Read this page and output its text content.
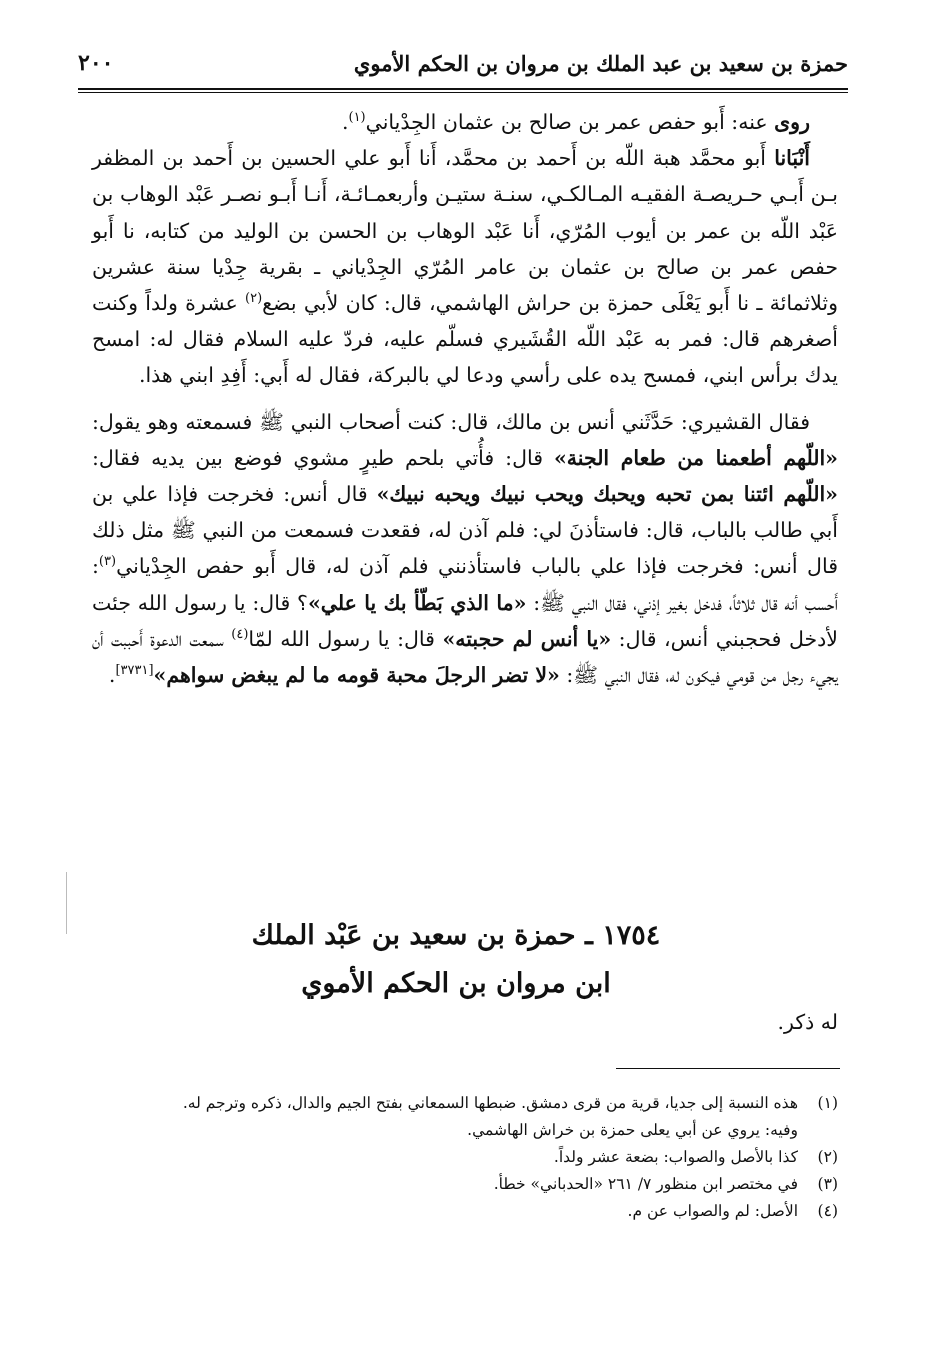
حمزة بن سعيد بن عبد الملك بن مروان بن الحكم الأموي
٢٠٠

روى عنه: أَبو حفص عمر بن صالح بن عثمان الجِدْياني$^{(١)}$.

أَنْبَانا أَبو محمَّد هبة اللّه بن أَحمد بن محمَّد، أَنا أَبو علي الحسين بن أَحمد بن المظفر بـن أَبـي حـريصـة الفقيـه المـالكـي، سنـة ستيـن وأربعمـائـة، أَنـا أَبـو نصـر عَبْد الوهاب بن عَبْد اللّه بن عمر بن أيوب المُرّي، أَنا عَبْد الوهاب بن الحسن بن الوليد من كتابه، نا أَبو حفص عمر بن صالح بن عثمان بن عامر المُرّي الجِدْياني ـ بقرية جِدْيا سنة عشرين وثلاثمائة ـ نا أَبو يَعْلَى حمزة بن حراش الهاشمي، قال: كان لأبي بضع$^{(٢)}$ عشرة ولداً وكنت أصغرهم قال: فمر به عَبْد اللّه القُشَيري فسلّم عليه، فردّ عليه السلام فقال له: امسح يدك برأس ابني، فمسح يده على رأسي ودعا لي بالبركة، فقال له أَبي: أَفِدِ ابني هذا.

فقال القشيري: حَدَّثَني أنس بن مالك، قال: كنت أصحاب النبي ﷺ فسمعته وهو يقول: «اللّهم أطعمنا من طعام الجنة» قال: فأُتي بلحم طيرٍ مشوي فوضع بين يديه فقال: «اللّهم ائتنا بمن تحبه ويحبك ويحب نبيك ويحبه نبيك» قال أنس: فخرجت فإذا علي بن أَبي طالب بالباب، قال: فاستأذنَ لي: فلم آذن له، فقعدت فسمعت من النبي ﷺ مثل ذلك قال أنس: فخرجت فإذا علي بالباب فاستأذنني فلم آذن له، قال أَبو حفص الجِدْياني$^{(٣)}$: أَحسب أنه قال ثلاثاً، فدخل بغير إذني، فقال النبي ﷺ: «ما الذي بَطّأ بك يا علي»؟ قال: يا رسول الله جئت لأدخل فحجبني أنس، قال: «يا أنس لم حجبته» قال: يا رسول الله لمّا$^{(٤)}$ سمعت الدعوة أَحببت أن يجيء رجل من قومي فيكون له، فقال النبي ﷺ: «لا تضر الرجلَ محبة قومه ما لم يبغض سواهم»[٣٧٣١].

١٧٥٤ ـ حمزة بن سعيد بن عَبْد الملك
ابن مروان بن الحكم الأموي
له ذكر.

(١)
هذه النسبة إلى جديا، قرية من قرى دمشق. ضبطها السمعاني بفتح الجيم والدال، ذكره وترجم له.

وفيه: يروي عن أبي يعلى حمزة بن خراش الهاشمي.

(٢)
كذا بالأصل والصواب: بضعة عشر ولداً.

(٣)
في مختصر ابن منظور ٧/ ٢٦١ «الحدباني» خطأ.

(٤)
الأصل: لم والصواب عن م.
